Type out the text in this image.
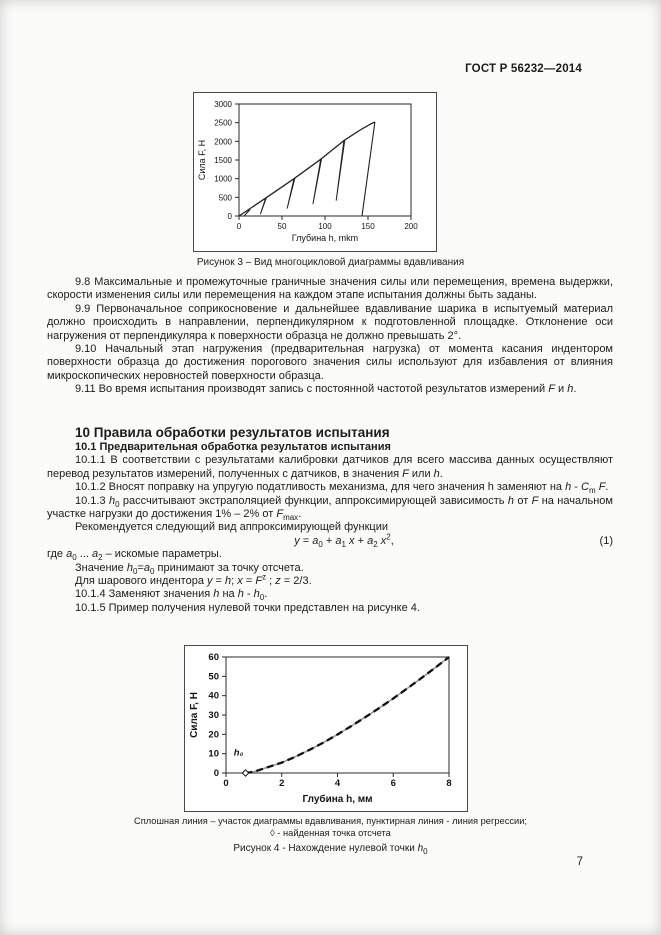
ГОСТ Р 56232—2014
0
500
1000
1500
2000
2500
3000
0	50	100	150	200
Глубина h, mkm
Сила F, Н
Рисунок 3 – Вид многоцикловой диаграммы вдавливания

9.8 Максимальные и промежуточные граничные значения силы или перемещения, времена выдержки, скорости изменения силы или перемещения на каждом этапе испытания должны быть заданы.

9.9 Первоначальное соприкосновение и дальнейшее вдавливание шарика в испытуемый материал должно происходить в направлении, перпендикулярном к подготовленной площадке. Отклонение оси нагружения от перпендикуляра к поверхности образца не должно превышать 2°.

9.10 Начальный этап нагружения (предварительная нагрузка) от момента касания индентором поверхности образца до достижения порогового значения силы используют для избавления от влияния микроскопических неровностей поверхности образца.

9.11 Во время испытания производят запись с постоянной частотой результатов измерений F и h.

10 Правила обработки результатов испытания

10.1 Предварительная обработка результатов испытания

10.1.1 В соответствии с результатами калибровки датчиков для всего массива данных осуществляют перевод результатов измерений, полученных с датчиков, в значения F или h.

10.1.2 Вносят поправку на упругую податливость механизма, для чего значения h заменяют на h - $C_m$ F.

10.1.3 $h_0$ рассчитывают экстраполяцией функции, аппроксимирующей зависимость h от F на начальном участке нагрузки до достижения 1% – 2% от $F_{max}$.

Рекомендуется следующий вид аппроксимирующей функции

$y = a_0 + a_1$ $x + a_2$ $x^2$,	(1)

где $a_0$ ... $a_2$ – искомые параметры.

Значение $h_0=a_0$ принимают за точку отсчета.

Для шарового индентора y = h; $x = F^z$ ; z = 2/3.

10.1.4 Заменяют значения h на h - $h_0$.

10.1.5 Пример получения нулевой точки представлен на рисунке 4.

0
10
20
30
40
50
60
0	2	4	6	8
Глубина h, мм
Сила F, Н
h₀
Сплошная линия – участок диаграммы вдавливания, пунктирная линия - линия регрессии;
◊ - найденная точка отсчета
Рисунок 4 - Нахождение нулевой точки $h_0$
7
